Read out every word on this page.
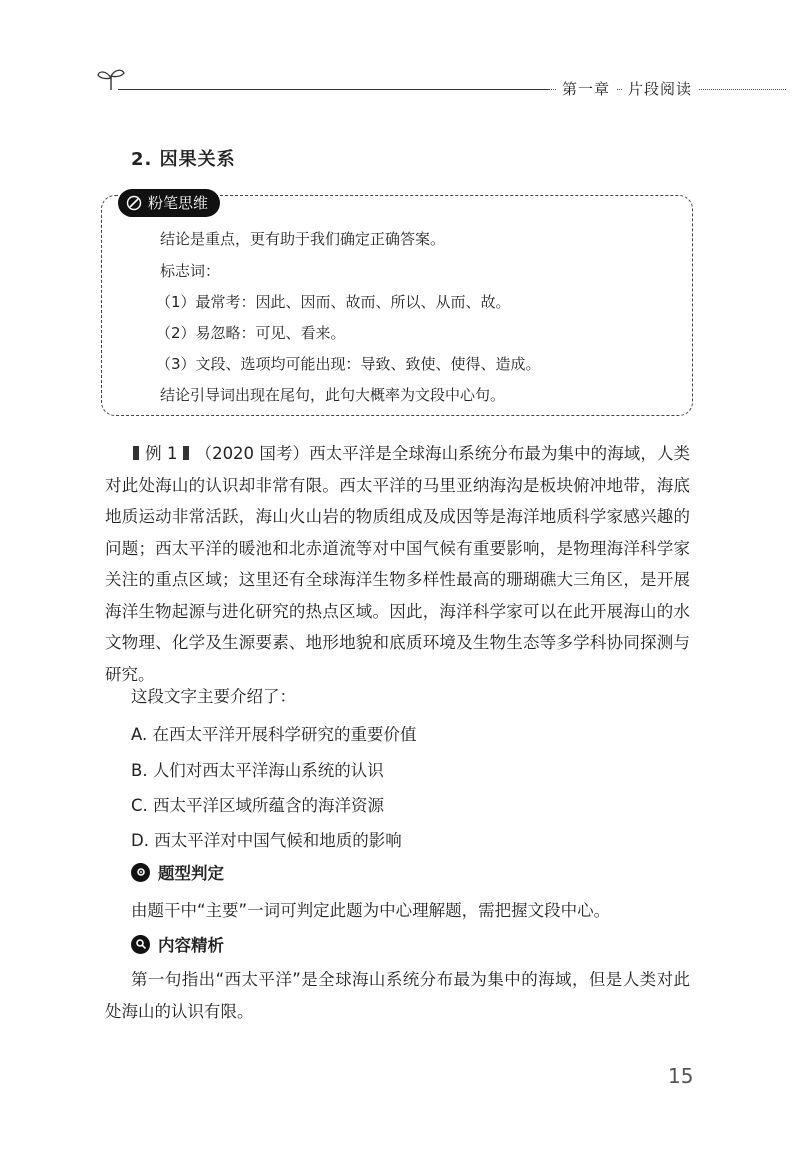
第一章	片段阅读
2. 因果关系
粉笔思维
结论是重点，更有助于我们确定正确答案。
标志词：
（1）最常考：因此、因而、故而、所以、从而、故。
（2）易忽略：可见、看来。
（3）文段、选项均可能出现：导致、致使、使得、造成。
结论引导词出现在尾句，此句大概率为文段中心句。
例 1 （2020 国考）西太平洋是全球海山系统分布最为集中的海域，人类对此处海山的认识却非常有限。西太平洋的马里亚纳海沟是板块俯冲地带，海底地质运动非常活跃，海山火山岩的物质组成及成因等是海洋地质科学家感兴趣的问题；西太平洋的暖池和北赤道流等对中国气候有重要影响，是物理海洋科学家关注的重点区域；这里还有全球海洋生物多样性最高的珊瑚礁大三角区，是开展海洋生物起源与进化研究的热点区域。因此，海洋科学家可以在此开展海山的水文物理、化学及生源要素、地形地貌和底质环境及生物生态等多学科协同探测与研究。
这段文字主要介绍了：
A. 在西太平洋开展科学研究的重要价值
B. 人们对西太平洋海山系统的认识
C. 西太平洋区域所蕴含的海洋资源
D. 西太平洋对中国气候和地质的影响
题型判定
由题干中“主要”一词可判定此题为中心理解题，需把握文段中心。
内容精析
第一句指出“西太平洋”是全球海山系统分布最为集中的海域，但是人类对此处海山的认识有限。
15
